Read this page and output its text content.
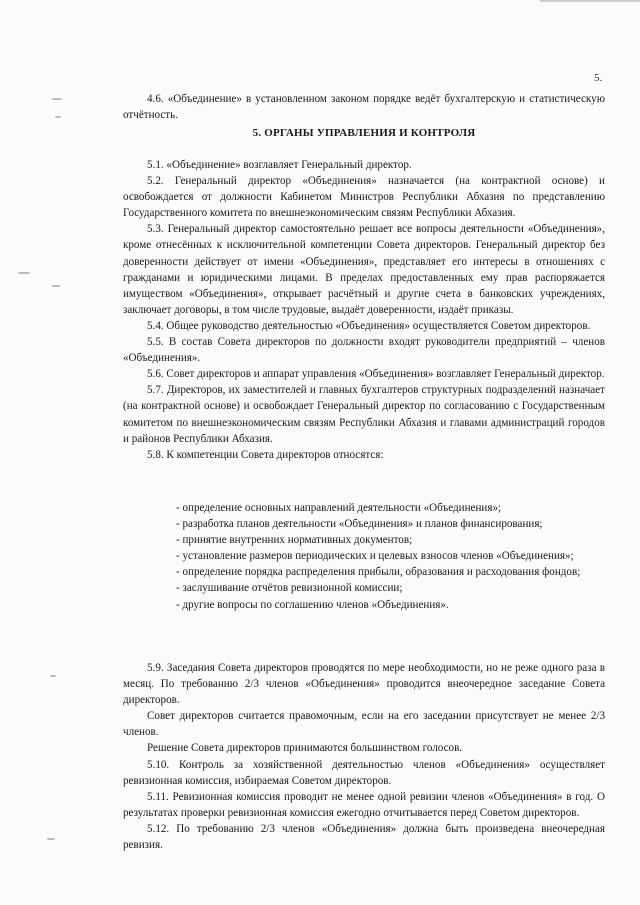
5.

4.6. «Объединение» в установленном законом порядке ведёт бухгалтерскую и статистическую отчётность.

5. ОРГАНЫ УПРАВЛЕНИЯ И КОНТРОЛЯ

5.1. «Объединение» возглавляет Генеральный директор.

5.2. Генеральный директор «Объединения» назначается (на контрактной основе) и освобождается от должности Кабинетом Министров Республики Абхазия по представлению Государственного комитета по внешнеэкономическим связям Республики Абхазия.

5.3. Генеральный директор самостоятельно решает все вопросы деятельности «Объединения», кроме отнесённых к исключительной компетенции Совета директоров. Генеральный директор без доверенности действует от имени «Объединения», представляет его интересы в отношениях с гражданами и юридическими лицами. В пределах предоставленных ему прав распоряжается имуществом «Объединения», открывает расчётный и другие счета в банковских учреждениях, заключает договоры, в том числе трудовые, выдаёт доверенности, издаёт приказы.

5.4. Общее руководство деятельностью «Объединения» осуществляется Советом директоров.

5.5. В состав Совета директоров по должности входят руководители предприятий – членов «Объединения».

5.6. Совет директоров и аппарат управления «Объединения» возглавляет Генеральный директор.

5.7. Директоров, их заместителей и главных бухгалтеров структурных подразделений назначает (на контрактной основе) и освобождает Генеральный директор по согласованию с Государственным комитетом по внешнеэкономическим связям Республики Абхазия и главами администраций городов и районов Республики Абхазия.

5.8. К компетенции Совета директоров относятся:

- определение основных направлений деятельности «Объединения»;
- разработка планов деятельности «Объединения» и планов финансирования;
- принятие внутренних нормативных документов;
- установление размеров периодических и целевых взносов членов «Объединения»;
- определение порядка распределения прибыли, образования и расходования фондов;
- заслушивание отчётов ревизионной комиссии;
- другие вопросы по соглашению членов «Объединения».

5.9. Заседания Совета директоров проводятся по мере необходимости, но не реже одного раза в месяц. По требованию 2/3 членов «Объединения» проводится внеочередное заседание Совета директоров.

Совет директоров считается правомочным, если на его заседании присутствует не менее 2/3 членов.

Решение Совета директоров принимаются большинством голосов.

5.10. Контроль за хозяйственной деятельностью членов «Объединения» осуществляет ревизионная комиссия, избираемая Советом директоров.

5.11. Ревизионная комиссия проводит не менее одной ревизии членов «Объединения» в год. О результатах проверки ревизионная комиссия ежегодно отчитывается перед Советом директоров.

5.12. По требованию 2/3 членов «Объединения» должна быть произведена внеочередная ревизия.
